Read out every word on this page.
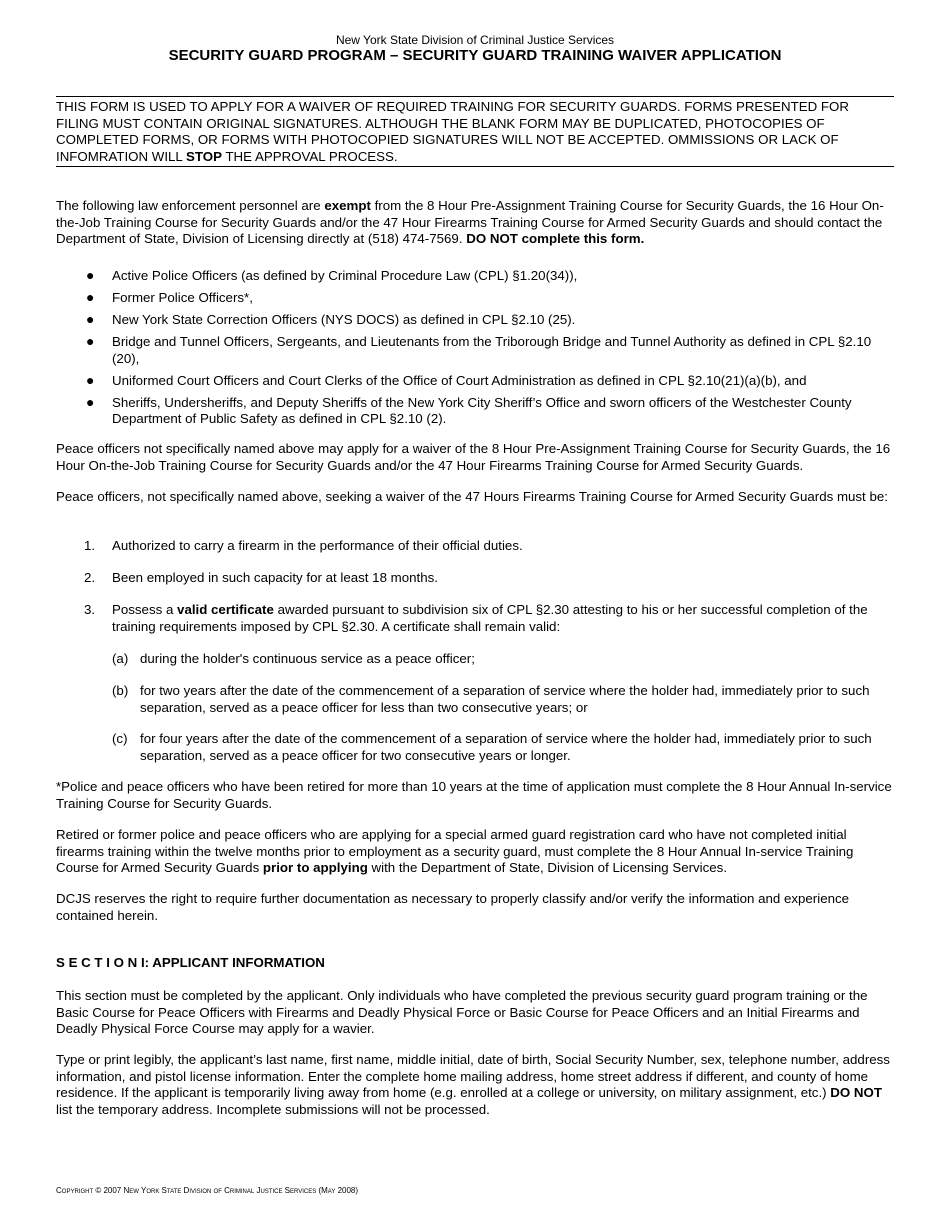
New York State Division of Criminal Justice Services
SECURITY GUARD PROGRAM – SECURITY GUARD TRAINING WAIVER APPLICATION
THIS FORM IS USED TO APPLY FOR A WAIVER OF REQUIRED TRAINING FOR SECURITY GUARDS. FORMS PRESENTED FOR FILING MUST CONTAIN ORIGINAL SIGNATURES. ALTHOUGH THE BLANK FORM MAY BE DUPLICATED, PHOTOCOPIES OF COMPLETED FORMS, OR FORMS WITH PHOTOCOPIED SIGNATURES WILL NOT BE ACCEPTED. OMMISSIONS OR LACK OF INFOMRATION WILL STOP THE APPROVAL PROCESS.

The following law enforcement personnel are exempt from the 8 Hour Pre-Assignment Training Course for Security Guards, the 16 Hour On-the-Job Training Course for Security Guards and/or the 47 Hour Firearms Training Course for Armed Security Guards and should contact the Department of State, Division of Licensing directly at (518) 474-7569. DO NOT complete this form.

● Active Police Officers (as defined by Criminal Procedure Law (CPL) §1.20(34)),
● Former Police Officers*,
● New York State Correction Officers (NYS DOCS) as defined in CPL §2.10 (25).
● Bridge and Tunnel Officers, Sergeants, and Lieutenants from the Triborough Bridge and Tunnel Authority as defined in CPL §2.10 (20),
● Uniformed Court Officers and Court Clerks of the Office of Court Administration as defined in CPL §2.10(21)(a)(b), and
● Sheriffs, Undersheriffs, and Deputy Sheriffs of the New York City Sheriff’s Office and sworn officers of the Westchester County Department of Public Safety as defined in CPL §2.10 (2).

Peace officers not specifically named above may apply for a waiver of the 8 Hour Pre-Assignment Training Course for Security Guards, the 16 Hour On-the-Job Training Course for Security Guards and/or the 47 Hour Firearms Training Course for Armed Security Guards.

Peace officers, not specifically named above, seeking a waiver of the 47 Hours Firearms Training Course for Armed Security Guards must be:

1. Authorized to carry a firearm in the performance of their official duties.
2. Been employed in such capacity for at least 18 months.
3. Possess a valid certificate awarded pursuant to subdivision six of CPL §2.30 attesting to his or her successful completion of the training requirements imposed by CPL §2.30. A certificate shall remain valid:
(a) during the holder's continuous service as a peace officer;
(b) for two years after the date of the commencement of a separation of service where the holder had, immediately prior to such separation, served as a peace officer for less than two consecutive years; or
(c) for four years after the date of the commencement of a separation of service where the holder had, immediately prior to such separation, served as a peace officer for two consecutive years or longer.

*Police and peace officers who have been retired for more than 10 years at the time of application must complete the 8 Hour Annual In-service Training Course for Security Guards.

Retired or former police and peace officers who are applying for a special armed guard registration card who have not completed initial firearms training within the twelve months prior to employment as a security guard, must complete the 8 Hour Annual In-service Training Course for Armed Security Guards prior to applying with the Department of State, Division of Licensing Services.

DCJS reserves the right to require further documentation as necessary to properly classify and/or verify the information and experience contained herein.

S E C T I O N I: APPLICANT INFORMATION

This section must be completed by the applicant. Only individuals who have completed the previous security guard program training or the Basic Course for Peace Officers with Firearms and Deadly Physical Force or Basic Course for Peace Officers and an Initial Firearms and Deadly Physical Force Course may apply for a wavier.

Type or print legibly, the applicant’s last name, first name, middle initial, date of birth, Social Security Number, sex, telephone number, address information, and pistol license information. Enter the complete home mailing address, home street address if different, and county of home residence. If the applicant is temporarily living away from home (e.g. enrolled at a college or university, on military assignment, etc.) DO NOT list the temporary address. Incomplete submissions will not be processed.

Copyright © 2007 New York State Division of Criminal Justice Services (May 2008)
